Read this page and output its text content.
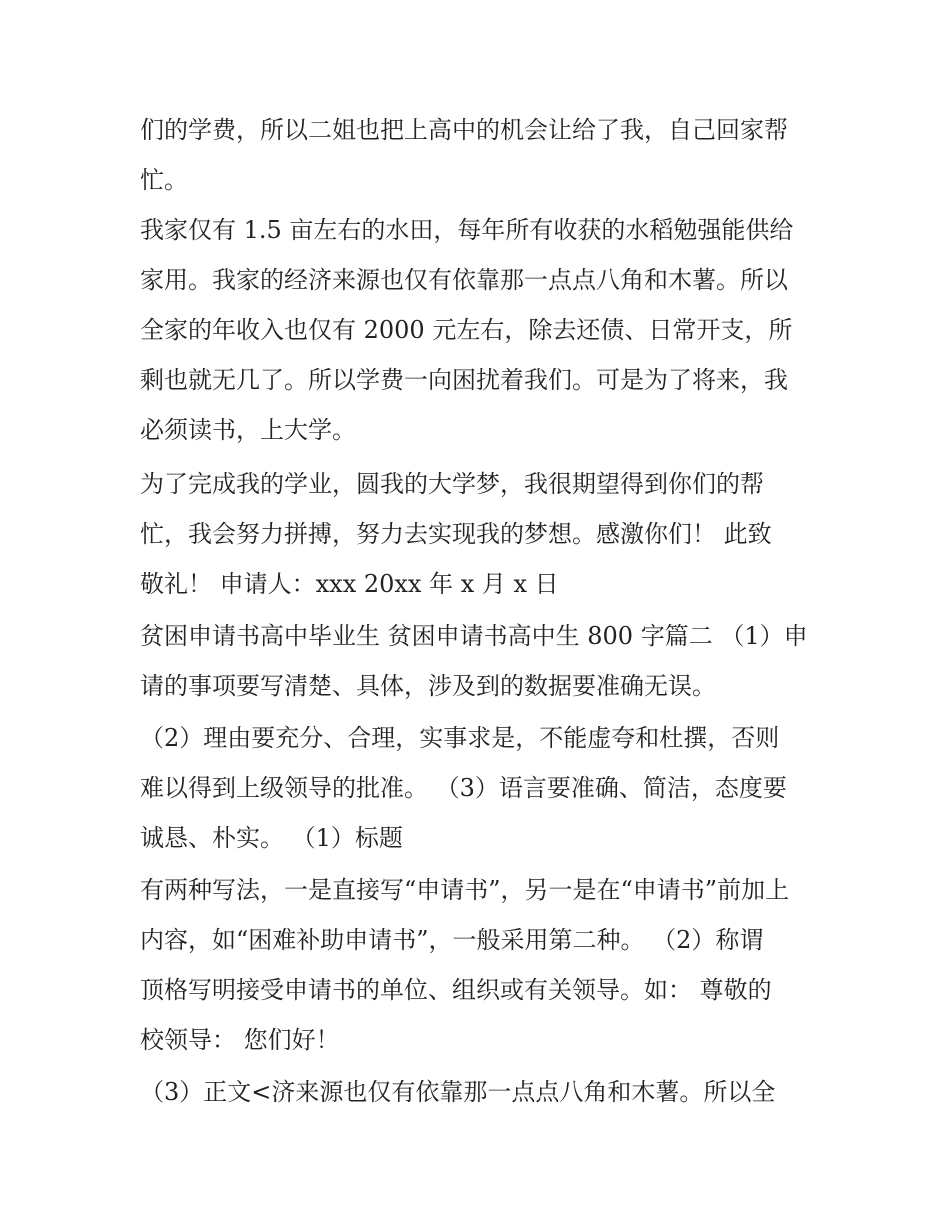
们的学费，所以二姐也把上高中的机会让给了我，自己回家帮
忙。
我家仅有 1.5 亩左右的水田，每年所有收获的水稻勉强能供给
家用。我家的经济来源也仅有依靠那一点点八角和木薯。所以
全家的年收入也仅有 2000 元左右，除去还债、日常开支，所
剩也就无几了。所以学费一向困扰着我们。可是为了将来，我
必须读书，上大学。
为了完成我的学业，圆我的大学梦，我很期望得到你们的帮
忙，我会努力拼搏，努力去实现我的梦想。感激你们！ 此致
敬礼！ 申请人：xxx 20xx 年 x 月 x 日
贫困申请书高中毕业生 贫困申请书高中生 800 字篇二 （1）申
请的事项要写清楚、具体，涉及到的数据要准确无误。
（2）理由要充分、合理，实事求是，不能虚夸和杜撰，否则
难以得到上级领导的批准。 （3）语言要准确、简洁，态度要
诚恳、朴实。 （1）标题
有两种写法，一是直接写“申请书”，另一是在“申请书”前加上
内容，如“困难补助申请书”，一般采用第二种。 （2）称谓
顶格写明接受申请书的单位、组织或有关领导。如： 尊敬的
校领导： 您们好！
（3）正文<济来源也仅有依靠那一点点八角和木薯。所以全
